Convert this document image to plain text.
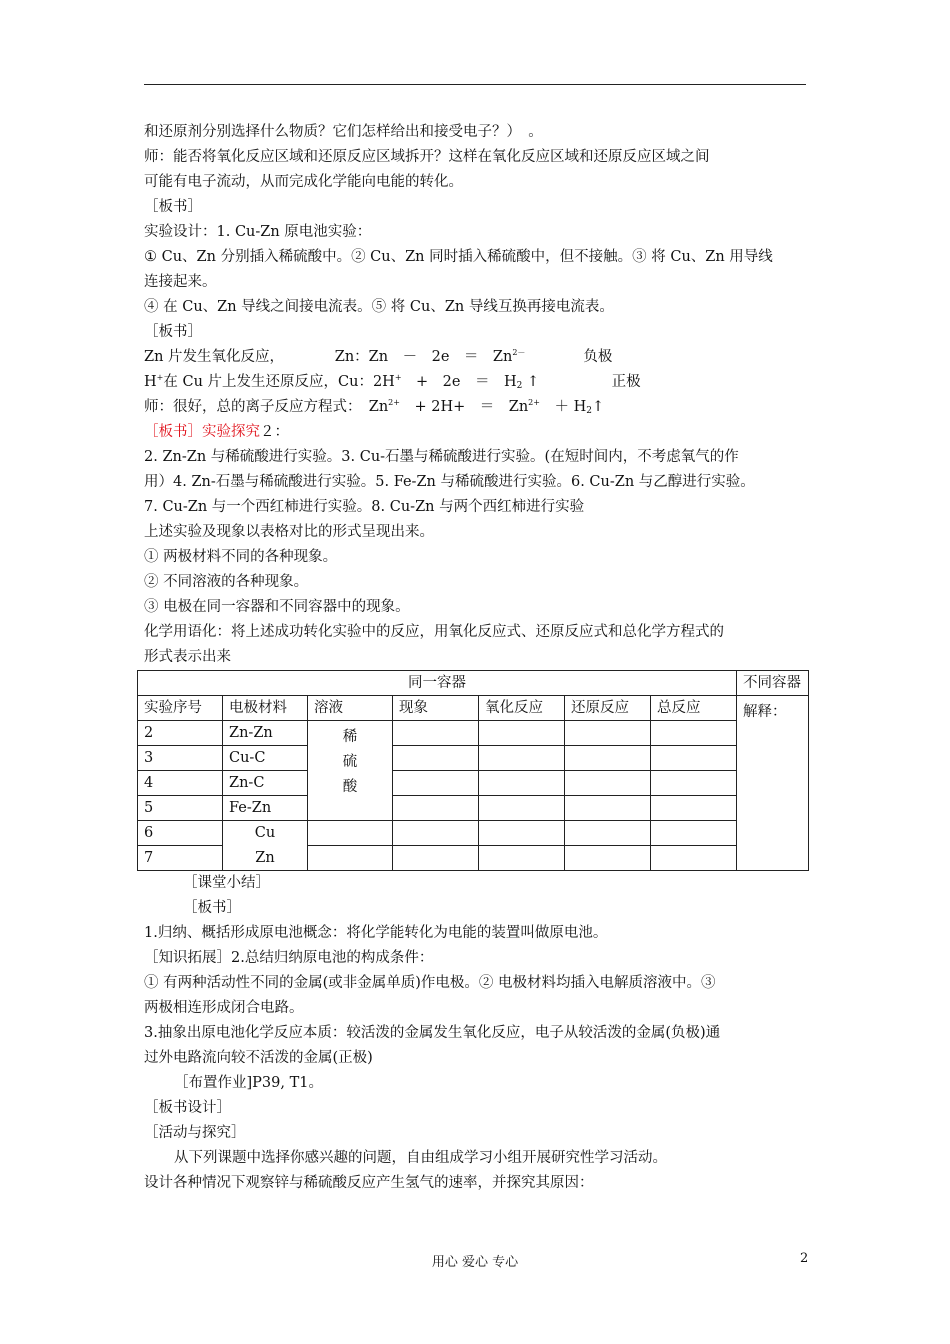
和还原剂分别选择什么物质？它们怎样给出和接受电子？）　。
师：能否将氧化反应区域和还原反应区域拆开？这样在氧化反应区域和还原反应区域之间
可能有电子流动，从而完成化学能向电能的转化。
［板书］
实验设计：1. Cu-Zn 原电池实验：
① Cu、Zn 分别插入稀硫酸中。② Cu、Zn 同时插入稀硫酸中，但不接触。③ 将 Cu、Zn 用导线
连接起来。
④ 在 Cu、Zn 导线之间接电流表。⑤ 将 Cu、Zn 导线互换再接电流表。
［板书］
Zn 片发生氧化反应，　　　　Zn：Zn　－　2e　＝　$Zn^{2-}$　　　　负极
H+在 Cu 片上发生还原反应，Cu：2H+　+　2e　＝　$H_2$ ↑　　　　　正极
师：很好，总的离子反应方程式：　$Zn^{2+}$　+ 2H+　＝　$Zn^{2+}$　＋ $H_2↑$
［板书］实验探究２：
2. Zn-Zn 与稀硫酸进行实验。3. Cu-石墨与稀硫酸进行实验。(在短时间内，不考虑氧气的作
用）4. Zn-石墨与稀硫酸进行实验。5. Fe-Zn 与稀硫酸进行实验。6. Cu-Zn 与乙醇进行实验。
7. Cu-Zn 与一个西红柿进行实验。8. Cu-Zn 与两个西红柿进行实验
上述实验及现象以表格对比的形式呈现出来。
① 两极材料不同的各种现象。
② 不同溶液的各种现象。
③ 电极在同一容器和不同容器中的现象。
化学用语化：将上述成功转化实验中的反应，用氧化反应式、还原反应式和总化学方程式的
形式表示出来
同一容器							不同容器
实验序号	电极材料	溶液	现象	氧化反应	还原反应	总反应	解释：
2	Zn-Zn	稀
硫
酸					

3	Cu-C						
4	Zn-C						
5	Fe-Zn						
6	Cu						
7	Zn						
［课堂小结］
［板书］
1.归纳、概括形成原电池概念：将化学能转化为电能的装置叫做原电池。
［知识拓展］2.总结归纳原电池的构成条件：
① 有两种活动性不同的金属(或非金属单质)作电极。② 电极材料均插入电解质溶液中。③
两极相连形成闭合电路。
3.抽象出原电池化学反应本质：较活泼的金属发生氧化反应，电子从较活泼的金属(负极)通
过外电路流向较不活泼的金属(正极)
［布置作业]P39, T1。
［板书设计］
［活动与探究］
从下列课题中选择你感兴趣的问题，自由组成学习小组开展研究性学习活动。
设计各种情况下观察锌与稀硫酸反应产生氢气的速率，并探究其原因：
用心 爱心 专心	2
